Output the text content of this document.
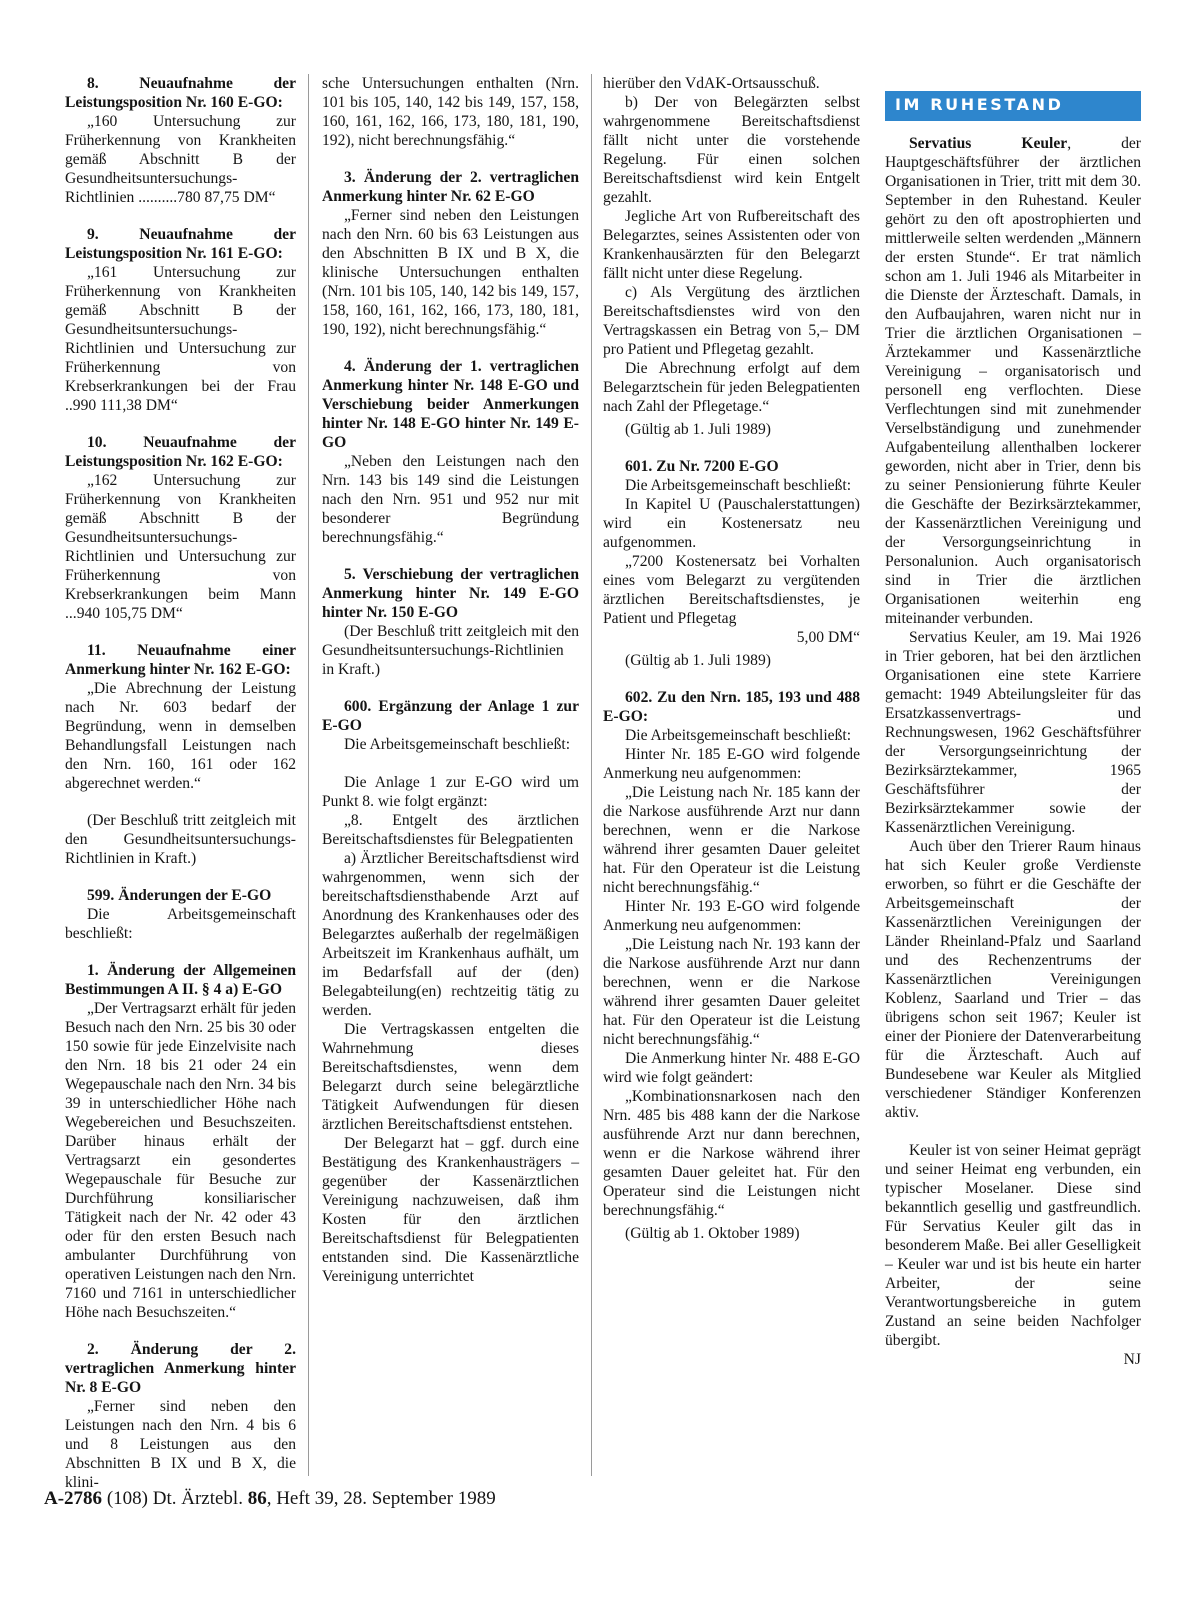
8. Neuaufnahme der Leistungsposition Nr. 160 E-GO:
„160 Untersuchung zur Früherkennung von Krankheiten gemäß Abschnitt B der Gesundheitsuntersuchungs-Richtlinien ..........780 87,75 DM“
9. Neuaufnahme der Leistungsposition Nr. 161 E-GO:
„161 Untersuchung zur Früherkennung von Krankheiten gemäß Abschnitt B der Gesundheitsuntersuchungs-Richtlinien und Untersuchung zur Früherkennung von Krebserkrankungen bei der Frau ..990 111,38 DM“
10. Neuaufnahme der Leistungsposition Nr. 162 E-GO:
„162 Untersuchung zur Früherkennung von Krankheiten gemäß Abschnitt B der Gesundheitsuntersuchungs-Richtlinien und Untersuchung zur Früherkennung von Krebserkrankungen beim Mann ...940 105,75 DM“
11. Neuaufnahme einer Anmerkung hinter Nr. 162 E-GO:
„Die Abrechnung der Leistung nach Nr. 603 bedarf der Begründung, wenn in demselben Behandlungsfall Leistungen nach den Nrn. 160, 161 oder 162 abgerechnet werden.“
(Der Beschluß tritt zeitgleich mit den Gesundheitsuntersuchungs-Richtlinien in Kraft.)
599. Änderungen der E-GO
Die Arbeitsgemeinschaft beschließt:
1. Änderung der Allgemeinen Bestimmungen A II. § 4 a) E-GO
„Der Vertragsarzt erhält für jeden Besuch nach den Nrn. 25 bis 30 oder 150 sowie für jede Einzelvisite nach den Nrn. 18 bis 21 oder 24 ein Wegepauschale nach den Nrn. 34 bis 39 in unterschiedlicher Höhe nach Wegebereichen und Besuchszeiten. Darüber hinaus erhält der Vertragsarzt ein gesondertes Wegepauschale für Besuche zur Durchführung konsiliarischer Tätigkeit nach der Nr. 42 oder 43 oder für den ersten Besuch nach ambulanter Durchführung von operativen Leistungen nach den Nrn. 7160 und 7161 in unterschiedlicher Höhe nach Besuchszeiten.“
2. Änderung der 2. vertraglichen Anmerkung hinter Nr. 8 E-GO
„Ferner sind neben den Leistungen nach den Nrn. 4 bis 6 und 8 Leistungen aus den Abschnitten B IX und B X, die klini-
sche Untersuchungen enthalten (Nrn. 101 bis 105, 140, 142 bis 149, 157, 158, 160, 161, 162, 166, 173, 180, 181, 190, 192), nicht berechnungsfähig.“
3. Änderung der 2. vertraglichen Anmerkung hinter Nr. 62 E-GO
„Ferner sind neben den Leistungen nach den Nrn. 60 bis 63 Leistungen aus den Abschnitten B IX und B X, die klinische Untersuchungen enthalten (Nrn. 101 bis 105, 140, 142 bis 149, 157, 158, 160, 161, 162, 166, 173, 180, 181, 190, 192), nicht berechnungsfähig.“
4. Änderung der 1. vertraglichen Anmerkung hinter Nr. 148 E-GO und Verschiebung beider Anmerkungen hinter Nr. 148 E-GO hinter Nr. 149 E-GO
„Neben den Leistungen nach den Nrn. 143 bis 149 sind die Leistungen nach den Nrn. 951 und 952 nur mit besonderer Begründung berechnungsfähig.“
5. Verschiebung der vertraglichen Anmerkung hinter Nr. 149 E-GO hinter Nr. 150 E-GO
(Der Beschluß tritt zeitgleich mit den Gesundheitsuntersuchungs-Richtlinien in Kraft.)
600. Ergänzung der Anlage 1 zur E-GO
Die Arbeitsgemeinschaft beschließt:
Die Anlage 1 zur E-GO wird um Punkt 8. wie folgt ergänzt:
„8. Entgelt des ärztlichen Bereitschaftsdienstes für Belegpatienten
a) Ärztlicher Bereitschaftsdienst wird wahrgenommen, wenn sich der bereitschaftsdiensthabende Arzt auf Anordnung des Krankenhauses oder des Belegarztes außerhalb der regelmäßigen Arbeitszeit im Krankenhaus aufhält, um im Bedarfsfall auf der (den) Belegabteilung(en) rechtzeitig tätig zu werden.
Die Vertragskassen entgelten die Wahrnehmung dieses Bereitschaftsdienstes, wenn dem Belegarzt durch seine belegärztliche Tätigkeit Aufwendungen für diesen ärztlichen Bereitschaftsdienst entstehen.
Der Belegarzt hat – ggf. durch eine Bestätigung des Krankenhausträgers – gegenüber der Kassenärztlichen Vereinigung nachzuweisen, daß ihm Kosten für den ärztlichen Bereitschaftsdienst für Belegpatienten entstanden sind. Die Kassenärztliche Vereinigung unterrichtet
hierüber den VdAK-Ortsausschuß.
b) Der von Belegärzten selbst wahrgenommene Bereitschaftsdienst fällt nicht unter die vorstehende Regelung. Für einen solchen Bereitschaftsdienst wird kein Entgelt gezahlt.
Jegliche Art von Rufbereitschaft des Belegarztes, seines Assistenten oder von Krankenhausärzten für den Belegarzt fällt nicht unter diese Regelung.
c) Als Vergütung des ärztlichen Bereitschaftsdienstes wird von den Vertragskassen ein Betrag von 5,– DM pro Patient und Pflegetag gezahlt.
Die Abrechnung erfolgt auf dem Belegarztschein für jeden Belegpatienten nach Zahl der Pflegetage.“
(Gültig ab 1. Juli 1989)
601. Zu Nr. 7200 E-GO
Die Arbeitsgemeinschaft beschließt:
In Kapitel U (Pauschalerstattungen) wird ein Kostenersatz neu aufgenommen.
„7200 Kostenersatz bei Vorhalten eines vom Belegarzt zu vergütenden ärztlichen Bereitschaftsdienstes, je Patient und Pflegetag
5,00 DM“
(Gültig ab 1. Juli 1989)
602. Zu den Nrn. 185, 193 und 488 E-GO:
Die Arbeitsgemeinschaft beschließt:
Hinter Nr. 185 E-GO wird folgende Anmerkung neu aufgenommen:
„Die Leistung nach Nr. 185 kann der die Narkose ausführende Arzt nur dann berechnen, wenn er die Narkose während ihrer gesamten Dauer geleitet hat. Für den Operateur ist die Leistung nicht berechnungsfähig.“
Hinter Nr. 193 E-GO wird folgende Anmerkung neu aufgenommen:
„Die Leistung nach Nr. 193 kann der die Narkose ausführende Arzt nur dann berechnen, wenn er die Narkose während ihrer gesamten Dauer geleitet hat. Für den Operateur ist die Leistung nicht berechnungsfähig.“
Die Anmerkung hinter Nr. 488 E-GO wird wie folgt geändert:
„Kombinationsnarkosen nach den Nrn. 485 bis 488 kann der die Narkose ausführende Arzt nur dann berechnen, wenn er die Narkose während ihrer gesamten Dauer geleitet hat. Für den Operateur sind die Leistungen nicht berechnungsfähig.“
(Gültig ab 1. Oktober 1989)
IM RUHESTAND
Servatius Keuler, der Hauptgeschäftsführer der ärztlichen Organisationen in Trier, tritt mit dem 30. September in den Ruhestand. Keuler gehört zu den oft apostrophierten und mittlerweile selten werdenden „Männern der ersten Stunde“. Er trat nämlich schon am 1. Juli 1946 als Mitarbeiter in die Dienste der Ärzteschaft. Damals, in den Aufbaujahren, waren nicht nur in Trier die ärztlichen Organisationen – Ärztekammer und Kassenärztliche Vereinigung – organisatorisch und personell eng verflochten. Diese Verflechtungen sind mit zunehmender Verselbständigung und zunehmender Aufgabenteilung allenthalben lockerer geworden, nicht aber in Trier, denn bis zu seiner Pensionierung führte Keuler die Geschäfte der Bezirksärztekammer, der Kassenärztlichen Vereinigung und der Versorgungseinrichtung in Personalunion. Auch organisatorisch sind in Trier die ärztlichen Organisationen weiterhin eng miteinander verbunden.
Servatius Keuler, am 19. Mai 1926 in Trier geboren, hat bei den ärztlichen Organisationen eine stete Karriere gemacht: 1949 Abteilungsleiter für das Ersatzkassenvertrags- und Rechnungswesen, 1962 Geschäftsführer der Versorgungseinrichtung der Bezirksärztekammer, 1965 Geschäftsführer der Bezirksärztekammer sowie der Kassenärztlichen Vereinigung.
Auch über den Trierer Raum hinaus hat sich Keuler große Verdienste erworben, so führt er die Geschäfte der Arbeitsgemeinschaft der Kassenärztlichen Vereinigungen der Länder Rheinland-Pfalz und Saarland und des Rechenzentrums der Kassenärztlichen Vereinigungen Koblenz, Saarland und Trier – das übrigens schon seit 1967; Keuler ist einer der Pioniere der Datenverarbeitung für die Ärzteschaft. Auch auf Bundesebene war Keuler als Mitglied verschiedener Ständiger Konferenzen aktiv.
Keuler ist von seiner Heimat geprägt und seiner Heimat eng verbunden, ein typischer Moselaner. Diese sind bekanntlich gesellig und gastfreundlich. Für Servatius Keuler gilt das in besonderem Maße. Bei aller Geselligkeit – Keuler war und ist bis heute ein harter Arbeiter, der seine Verantwortungsbereiche in gutem Zustand an seine beiden Nachfolger übergibt.
NJ
A-2786 (108) Dt. Ärztebl. 86, Heft 39, 28. September 1989
